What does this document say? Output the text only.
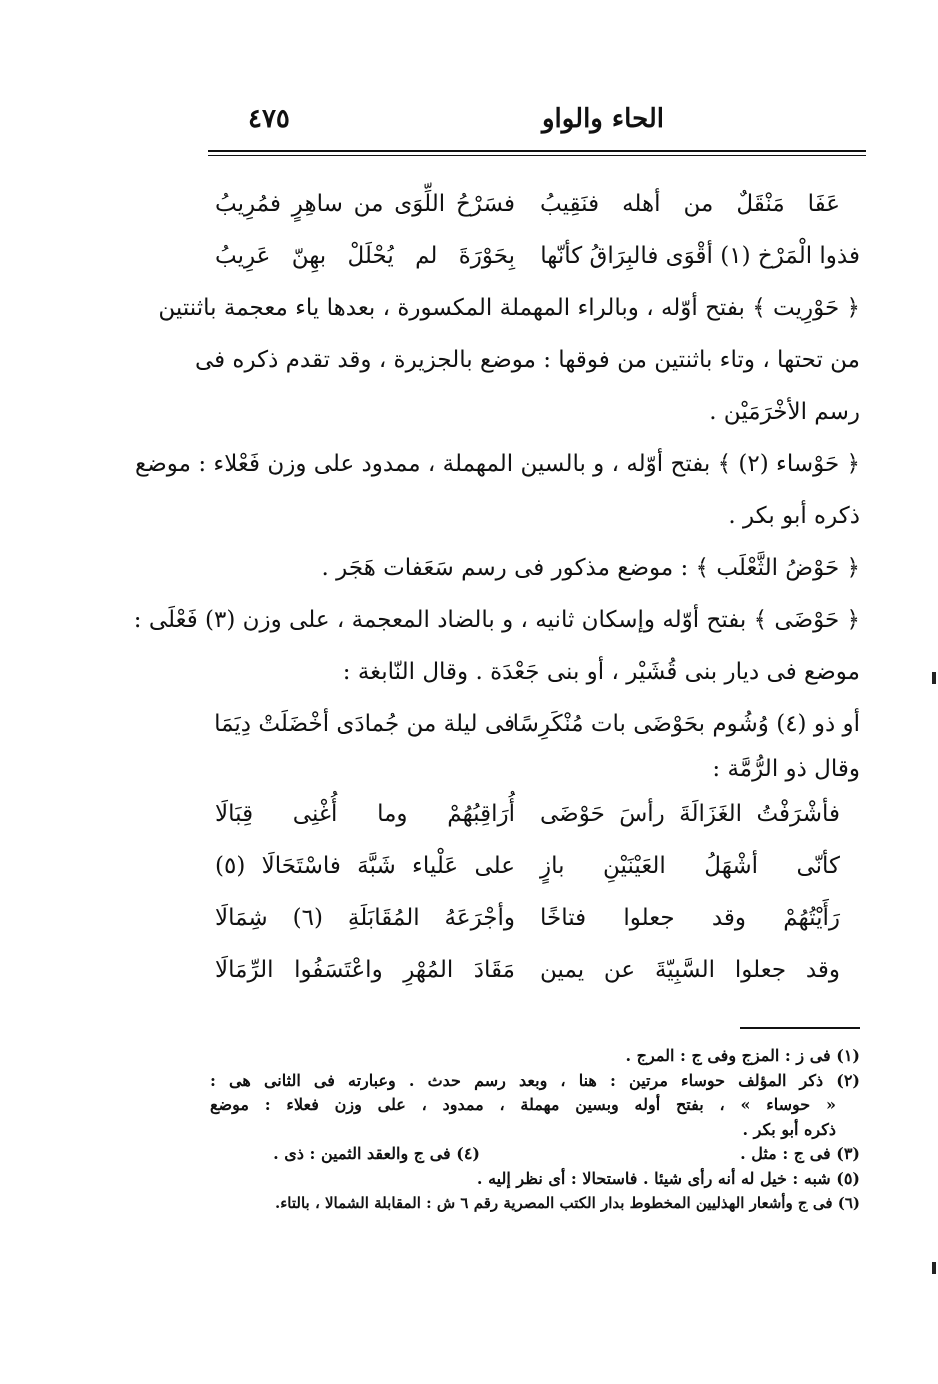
الحاء والواو
٤٧٥
عَفَا مَنْقَلٌ من أهله فنَقِيبُ
فسَرْحُ اللِّوَى من ساهِرٍ فمُرِيبُ
فذوا الْمَرْخ (١) أقْوَى فالبِرَاقُ كأنّها
بِحَوْرَةَ لم يُحْلَلْ بهِنّ عَرِيبُ
﴿ حَوْرِيت ﴾ بفتح أوّله ، وبالراء المهملة المكسورة ، بعدها ياء معجمة باثنتين
من تحتها ، وتاء باثنتين من فوقها : موضع بالجزيرة ، وقد تقدم ذكره فى
رسم الأخْرَمَيْن .
﴿ حَوْساء (٢) ﴾ بفتح أوّله ، و بالسين المهملة ، ممدود على وزن فَعْلاء : موضع
ذكره أبو بكر .
﴿ حَوْضُ الثَّعْلَب ﴾ : موضع مذكور فى رسم سَعَفات هَجَر .
﴿ حَوْضَى ﴾ بفتح أوّله وإسكان ثانيه ، و بالضاد المعجمة ، على وزن (٣) فَعْلَى :
موضع فى ديار بنى قُشَيْر ، أو بنى جَعْدَة . وقال النّابغة :
أو ذو (٤) وُشُوم بحَوْضَى بات مُنْكَرِسًا
فى ليلة من جُمادَى أخْضَلَتْ دِيَمَا
وقال ذو الرُّمَّة :
فأشْرَفْتُ الغَزَالَةَ رأسَ حَوْضَى
أُرَاقِبُهُمْ وما أُغْنِى قِبَالَا
كأنّى أشْهَلُ العَيْنَيْنِ بازٍ
على عَلْياء شَبَّهَ فاسْتَحَالَا (٥)
رَأَيْتُهُمْ وقد جعلوا فتاخًا
وأجْرَعَهُ المُقَابَلَةِ (٦) شِمَالَا
وقد جعلوا السَّبِيّةَ عن يمين
مَقَادَ المُهْرِ واعْتَسَفُوا الرِّمَالَا
(١) فى ز : المزج وفى ج : المرج .
(٢) ذكر المؤلف حوساء مرتين : هنا ، وبعد رسم حدث . وعبارته فى الثانى هى :
« حوساء » ، بفتح أوله وبسين مهملة ، ممدود ، على وزن فعلاء : موضع
ذكره أبو بكر .
(٣) فى ج : مثل .
(٤) فى ج والعقد الثمين : ذى .
(٥) شبه : خيل له أنه رأى شيئا . فاستحالا : أى نظر إليه .
(٦) فى ج وأشعار الهذليين المخطوط بدار الكتب المصرية رقم ٦ ش : المقابلة الشمالا ، بالتاء.
